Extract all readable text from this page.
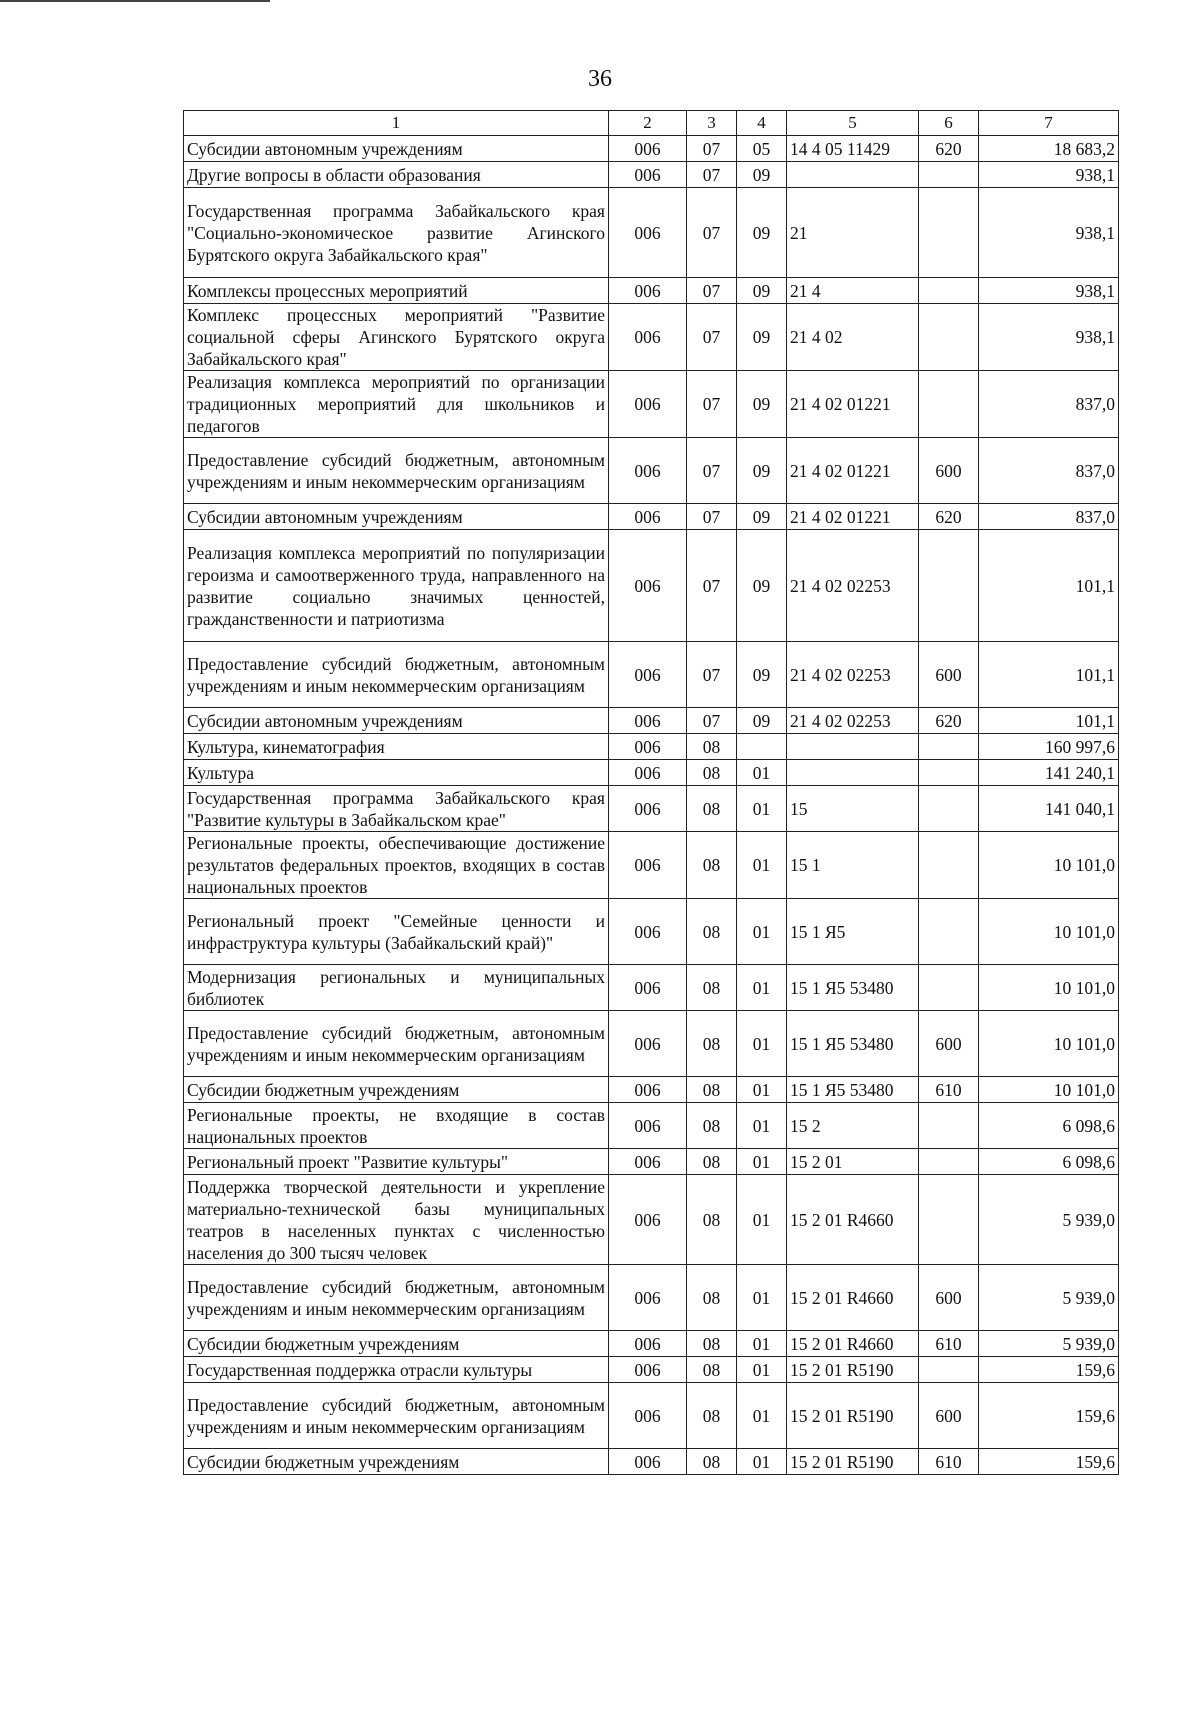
36
1	2	3	4	5	6	7
Субсидии автономным учреждениям	006	07	05	14 4 05 11429	620	18 683,2
Другие вопросы в области образования	006	07	09			938,1
Государственная программа Забайкальского края "Социально-экономическое развитие Агинского Бурятского округа Забайкальского края"	006	07	09	21		938,1
Комплексы процессных мероприятий	006	07	09	21 4		938,1
Комплекс процессных мероприятий "Развитие социальной сферы Агинского Бурятского округа Забайкальского края"	006	07	09	21 4 02		938,1
Реализация комплекса мероприятий по организации традиционных мероприятий для школьников и педагогов	006	07	09	21 4 02 01221		837,0
Предоставление субсидий бюджетным, автономным учреждениям и иным некоммерческим организациям	006	07	09	21 4 02 01221	600	837,0
Субсидии автономным учреждениям	006	07	09	21 4 02 01221	620	837,0
Реализация комплекса мероприятий по популяризации героизма и самоотверженного труда, направленного на развитие социально значимых ценностей, гражданственности и патриотизма	006	07	09	21 4 02 02253		101,1
Предоставление субсидий бюджетным, автономным учреждениям и иным некоммерческим организациям	006	07	09	21 4 02 02253	600	101,1
Субсидии автономным учреждениям	006	07	09	21 4 02 02253	620	101,1
Культура, кинематография	006	08				160 997,6
Культура	006	08	01			141 240,1
Государственная программа Забайкальского края "Развитие культуры в Забайкальском крае"	006	08	01	15		141 040,1
Региональные проекты, обеспечивающие достижение результатов федеральных проектов, входящих в состав национальных проектов	006	08	01	15 1		10 101,0
Региональный проект "Семейные ценности и инфраструктура культуры (Забайкальский край)"	006	08	01	15 1 Я5		10 101,0
Модернизация региональных и муниципальных библиотек	006	08	01	15 1 Я5 53480		10 101,0
Предоставление субсидий бюджетным, автономным учреждениям и иным некоммерческим организациям	006	08	01	15 1 Я5 53480	600	10 101,0
Субсидии бюджетным учреждениям	006	08	01	15 1 Я5 53480	610	10 101,0
Региональные проекты, не входящие в состав национальных проектов	006	08	01	15 2		6 098,6
Региональный проект "Развитие культуры"	006	08	01	15 2 01		6 098,6
Поддержка творческой деятельности и укрепление материально-технической базы муниципальных театров в населенных пунктах с численностью населения до 300 тысяч человек	006	08	01	15 2 01 R4660		5 939,0
Предоставление субсидий бюджетным, автономным учреждениям и иным некоммерческим организациям	006	08	01	15 2 01 R4660	600	5 939,0
Субсидии бюджетным учреждениям	006	08	01	15 2 01 R4660	610	5 939,0
Государственная поддержка отрасли культуры	006	08	01	15 2 01 R5190		159,6
Предоставление субсидий бюджетным, автономным учреждениям и иным некоммерческим организациям	006	08	01	15 2 01 R5190	600	159,6
Субсидии бюджетным учреждениям	006	08	01	15 2 01 R5190	610	159,6
